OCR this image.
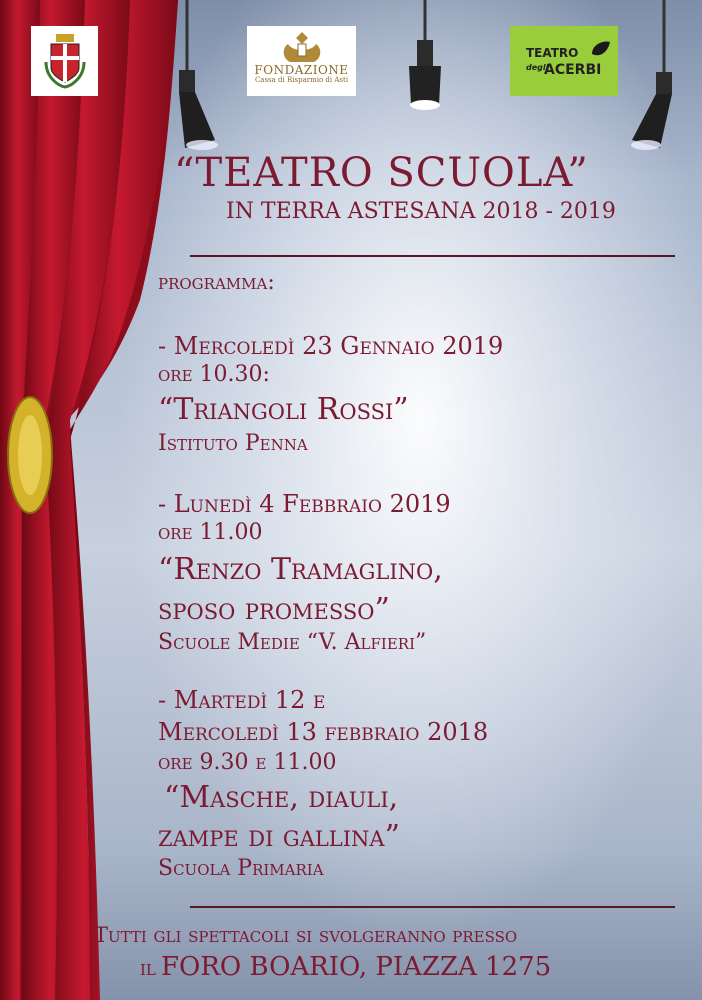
FONDAZIONE
Cassa di Risparmio di Asti
TEATRO
degli
ACERBI
“TEATRO SCUOLA”
IN TERRA ASTESANA 2018 - 2019
programma:
- Mercoledì 23 Gennaio 2019
ore 10.30:
“Triangoli Rossi”
Istituto Penna
- Lunedì 4 Febbraio 2019
ore 11.00
“Renzo Tramaglino,
sposo promesso”
Scuole Medie “V. Alfieri”
- Martedì 12 e
Mercoledì 13 febbraio 2018
ore 9.30 e 11.00
“Masche, diauli,
zampe di gallina”
Scuola Primaria
Tutti gli spettacoli si svolgeranno presso
il FORO BOARIO, PIAZZA 1275
